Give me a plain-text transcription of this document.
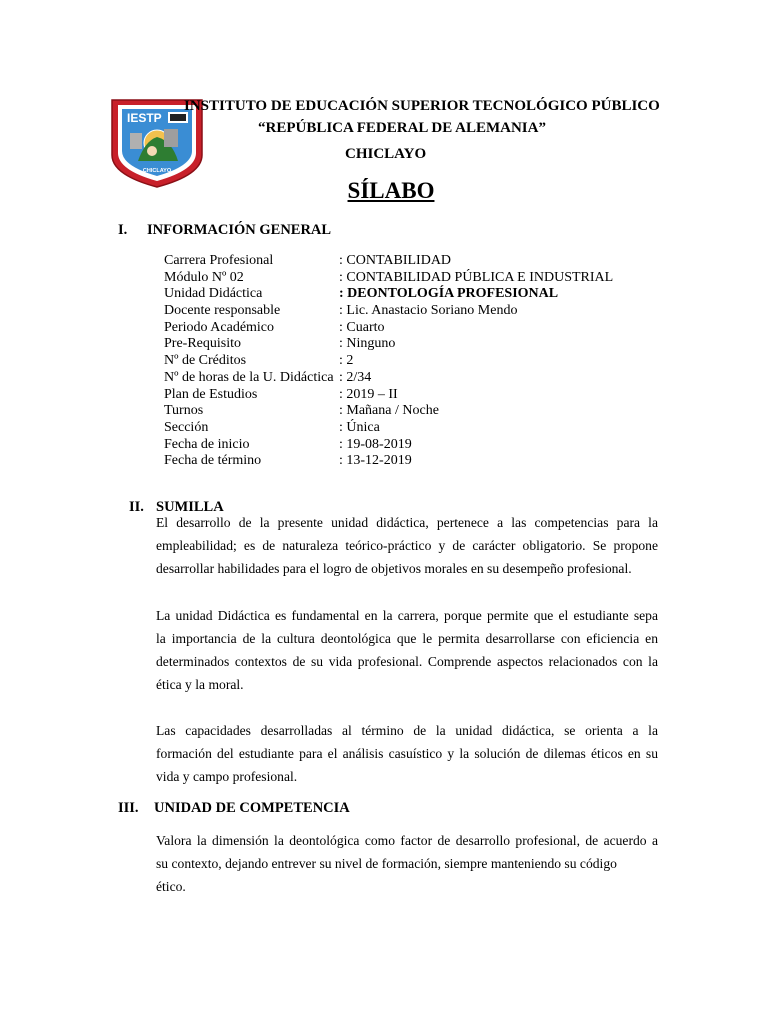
IESTP
CHICLAYO
INSTITUTO DE EDUCACIÓN SUPERIOR TECNOLÓGICO PÚBLICO
“REPÚBLICA FEDERAL DE ALEMANIA”
CHICLAYO
SÍLABO
I. INFORMACIÓN GENERAL
Carrera Profesional	: CONTABILIDAD
Módulo Nº 02	: CONTABILIDAD PÚBLICA E INDUSTRIAL
Unidad Didáctica	: DEONTOLOGÍA PROFESIONAL
Docente responsable	: Lic. Anastacio Soriano Mendo
Periodo Académico	: Cuarto
Pre-Requisito	: Ninguno
Nº de Créditos	: 2
Nº de horas de la U. Didáctica : 2/34
Plan de Estudios	: 2019 – II
Turnos	: Mañana / Noche
Sección	: Única
Fecha de inicio	: 19-08-2019
Fecha de término	: 13-12-2019
II. SUMILLA
El desarrollo de la presente unidad didáctica, pertenece a las competencias para la
empleabilidad; es de naturaleza teórico-práctico y de carácter obligatorio. Se propone
desarrollar habilidades para el logro de objetivos morales en su desempeño profesional.
La unidad Didáctica es fundamental en la carrera, porque permite que el estudiante sepa
la importancia de la cultura deontológica que le permita desarrollarse con eficiencia en
determinados contextos de su vida profesional. Comprende aspectos relacionados con la
ética y la moral.
Las capacidades desarrolladas al término de la unidad didáctica, se orienta a la
formación del estudiante para el análisis casuístico y la solución de dilemas éticos en su
vida y campo profesional.
III. UNIDAD DE COMPETENCIA
Valora la dimensión la deontológica como factor de desarrollo profesional, de acuerdo a
su contexto, dejando entrever su nivel de formación, siempre manteniendo su código
ético.
